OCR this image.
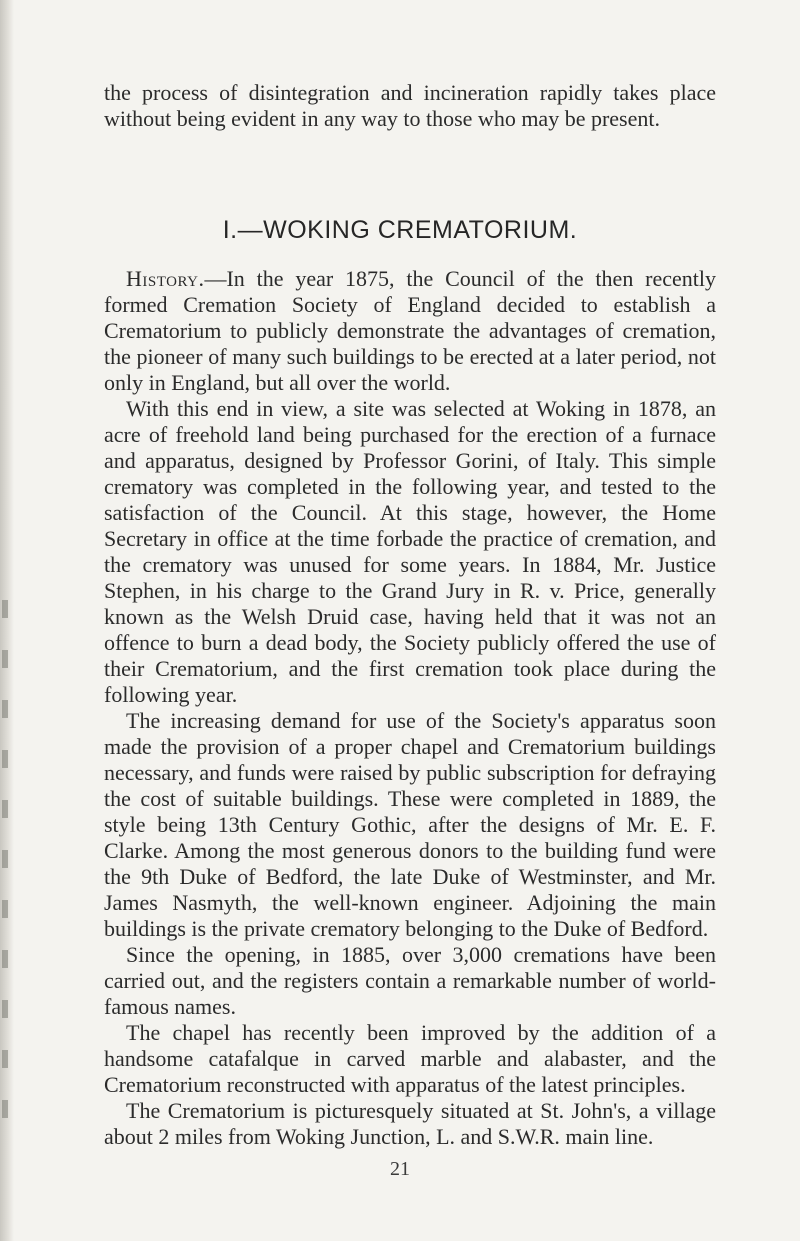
the process of disintegration and incineration rapidly takes place without being evident in any way to those who may be present.

I.—WOKING CREMATORIUM.

History.—In the year 1875, the Council of the then recently formed Cremation Society of England decided to establish a Crematorium to publicly demonstrate the advantages of cremation, the pioneer of many such buildings to be erected at a later period, not only in England, but all over the world.

With this end in view, a site was selected at Woking in 1878, an acre of freehold land being purchased for the erection of a furnace and apparatus, designed by Professor Gorini, of Italy. This simple crematory was completed in the following year, and tested to the satisfaction of the Council. At this stage, however, the Home Secretary in office at the time forbade the practice of cremation, and the crematory was unused for some years. In 1884, Mr. Justice Stephen, in his charge to the Grand Jury in R. v. Price, generally known as the Welsh Druid case, having held that it was not an offence to burn a dead body, the Society publicly offered the use of their Crematorium, and the first cremation took place during the following year.

The increasing demand for use of the Society's apparatus soon made the provision of a proper chapel and Crematorium buildings necessary, and funds were raised by public subscription for defraying the cost of suitable buildings. These were completed in 1889, the style being 13th Century Gothic, after the designs of Mr. E. F. Clarke. Among the most generous donors to the building fund were the 9th Duke of Bedford, the late Duke of Westminster, and Mr. James Nasmyth, the well-known engineer. Adjoining the main buildings is the private crematory belonging to the Duke of Bedford.

Since the opening, in 1885, over 3,000 cremations have been carried out, and the registers contain a remarkable number of world-famous names.

The chapel has recently been improved by the addition of a handsome catafalque in carved marble and alabaster, and the Crematorium reconstructed with apparatus of the latest principles.

The Crematorium is picturesquely situated at St. John's, a village about 2 miles from Woking Junction, L. and S.W.R. main line.

21
